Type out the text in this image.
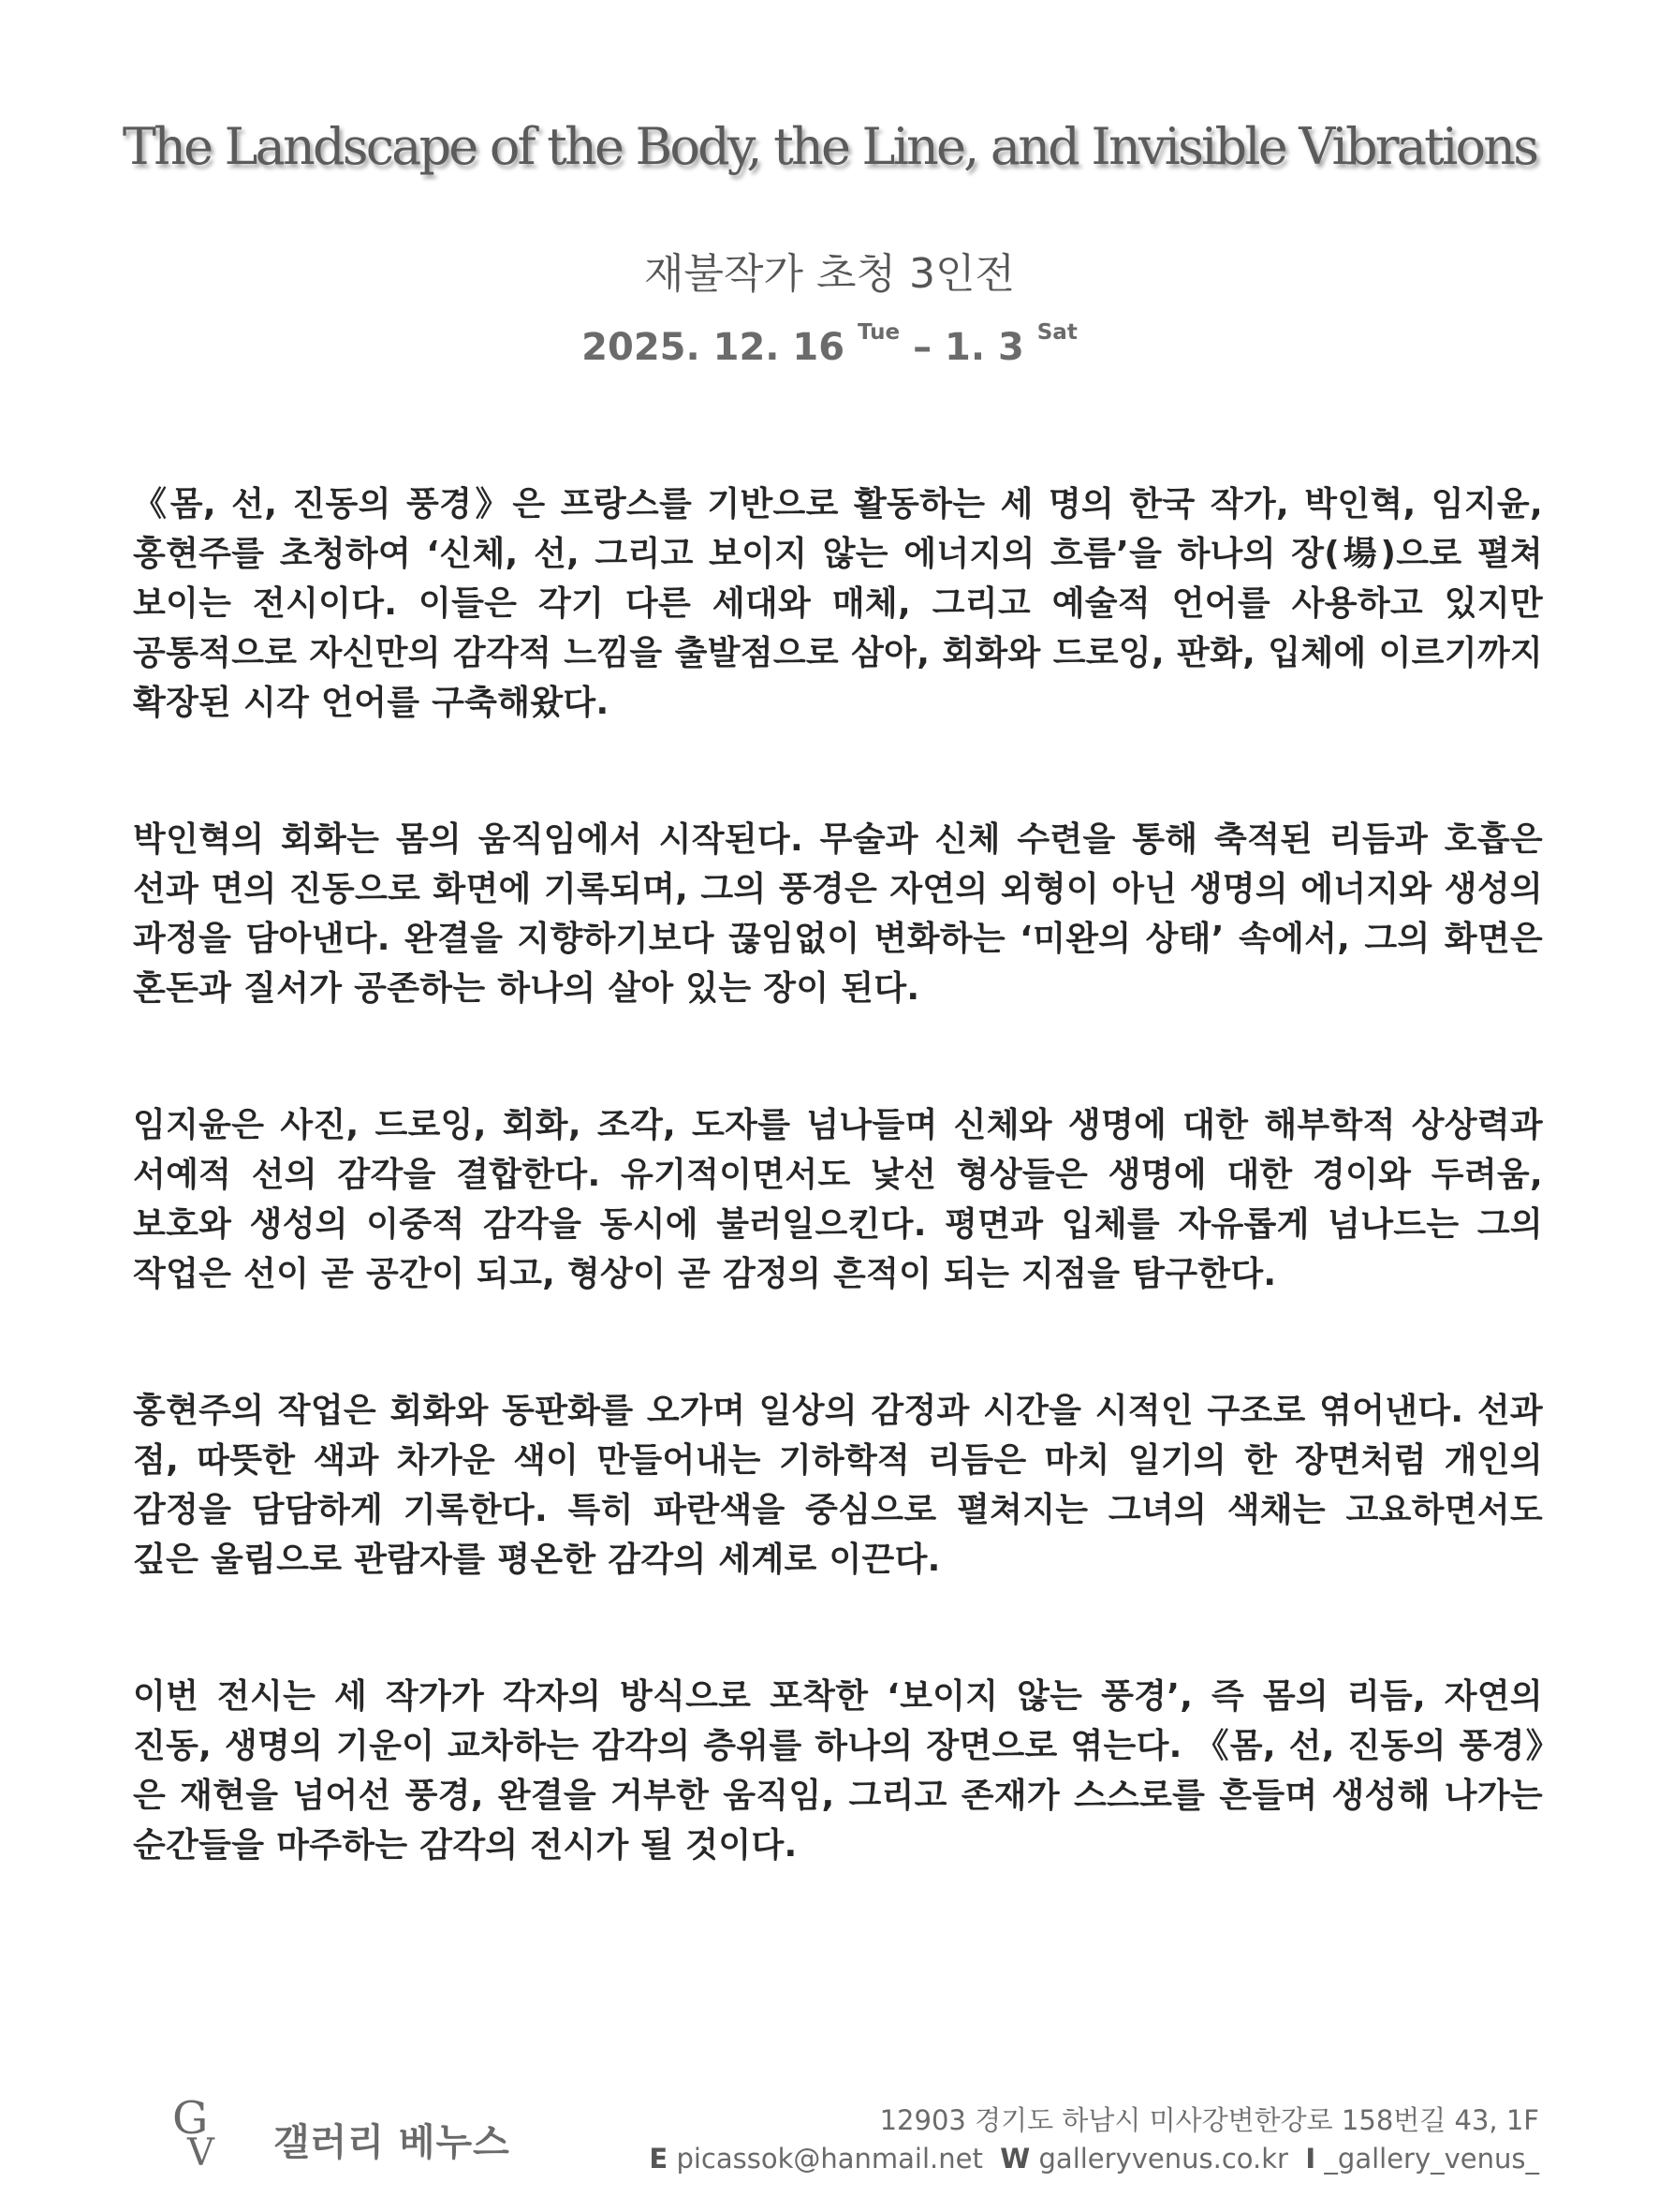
The Landscape of the Body, the Line, and Invisible Vibrations
재불작가 초청 3인전
2025. 12. 16 $^{Tue}$ – 1. 3 $^{Sat}$

《몸, 선, 진동의 풍경》은 프랑스를 기반으로 활동하는 세 명의 한국 작가, 박인혁, 임지윤, 홍현주를 초청하여 ‘신체, 선, 그리고 보이지 않는 에너지의 흐름’을 하나의 장(場)으로 펼쳐 보이는 전시이다. 이들은 각기 다른 세대와 매체, 그리고 예술적 언어를 사용하고 있지만 공통적으로 자신만의 감각적 느낌을 출발점으로 삼아, 회화와 드로잉, 판화, 입체에 이르기까지 확장된 시각 언어를 구축해왔다.

박인혁의 회화는 몸의 움직임에서 시작된다. 무술과 신체 수련을 통해 축적된 리듬과 호흡은 선과 면의 진동으로 화면에 기록되며, 그의 풍경은 자연의 외형이 아닌 생명의 에너지와 생성의 과정을 담아낸다. 완결을 지향하기보다 끊임없이 변화하는 ‘미완의 상태’ 속에서, 그의 화면은 혼돈과 질서가 공존하는 하나의 살아 있는 장이 된다.

임지윤은 사진, 드로잉, 회화, 조각, 도자를 넘나들며 신체와 생명에 대한 해부학적 상상력과 서예적 선의 감각을 결합한다. 유기적이면서도 낯선 형상들은 생명에 대한 경이와 두려움, 보호와 생성의 이중적 감각을 동시에 불러일으킨다. 평면과 입체를 자유롭게 넘나드는 그의 작업은 선이 곧 공간이 되고, 형상이 곧 감정의 흔적이 되는 지점을 탐구한다.

홍현주의 작업은 회화와 동판화를 오가며 일상의 감정과 시간을 시적인 구조로 엮어낸다. 선과 점, 따뜻한 색과 차가운 색이 만들어내는 기하학적 리듬은 마치 일기의 한 장면처럼 개인의 감정을 담담하게 기록한다. 특히 파란색을 중심으로 펼쳐지는 그녀의 색채는 고요하면서도 깊은 울림으로 관람자를 평온한 감각의 세계로 이끈다.

이번 전시는 세 작가가 각자의 방식으로 포착한 ‘보이지 않는 풍경’, 즉 몸의 리듬, 자연의 진동, 생명의 기운이 교차하는 감각의 층위를 하나의 장면으로 엮는다. 《몸, 선, 진동의 풍경》은 재현을 넘어선 풍경, 완결을 거부한 움직임, 그리고 존재가 스스로를 흔들며 생성해 나가는 순간들을 마주하는 감각의 전시가 될 것이다.

G
V 갤러리 베누스
12903 경기도 하남시 미사강변한강로 158번길 43, 1F
E picassok@hanmail.net W galleryvenus.co.kr I _gallery_venus_
